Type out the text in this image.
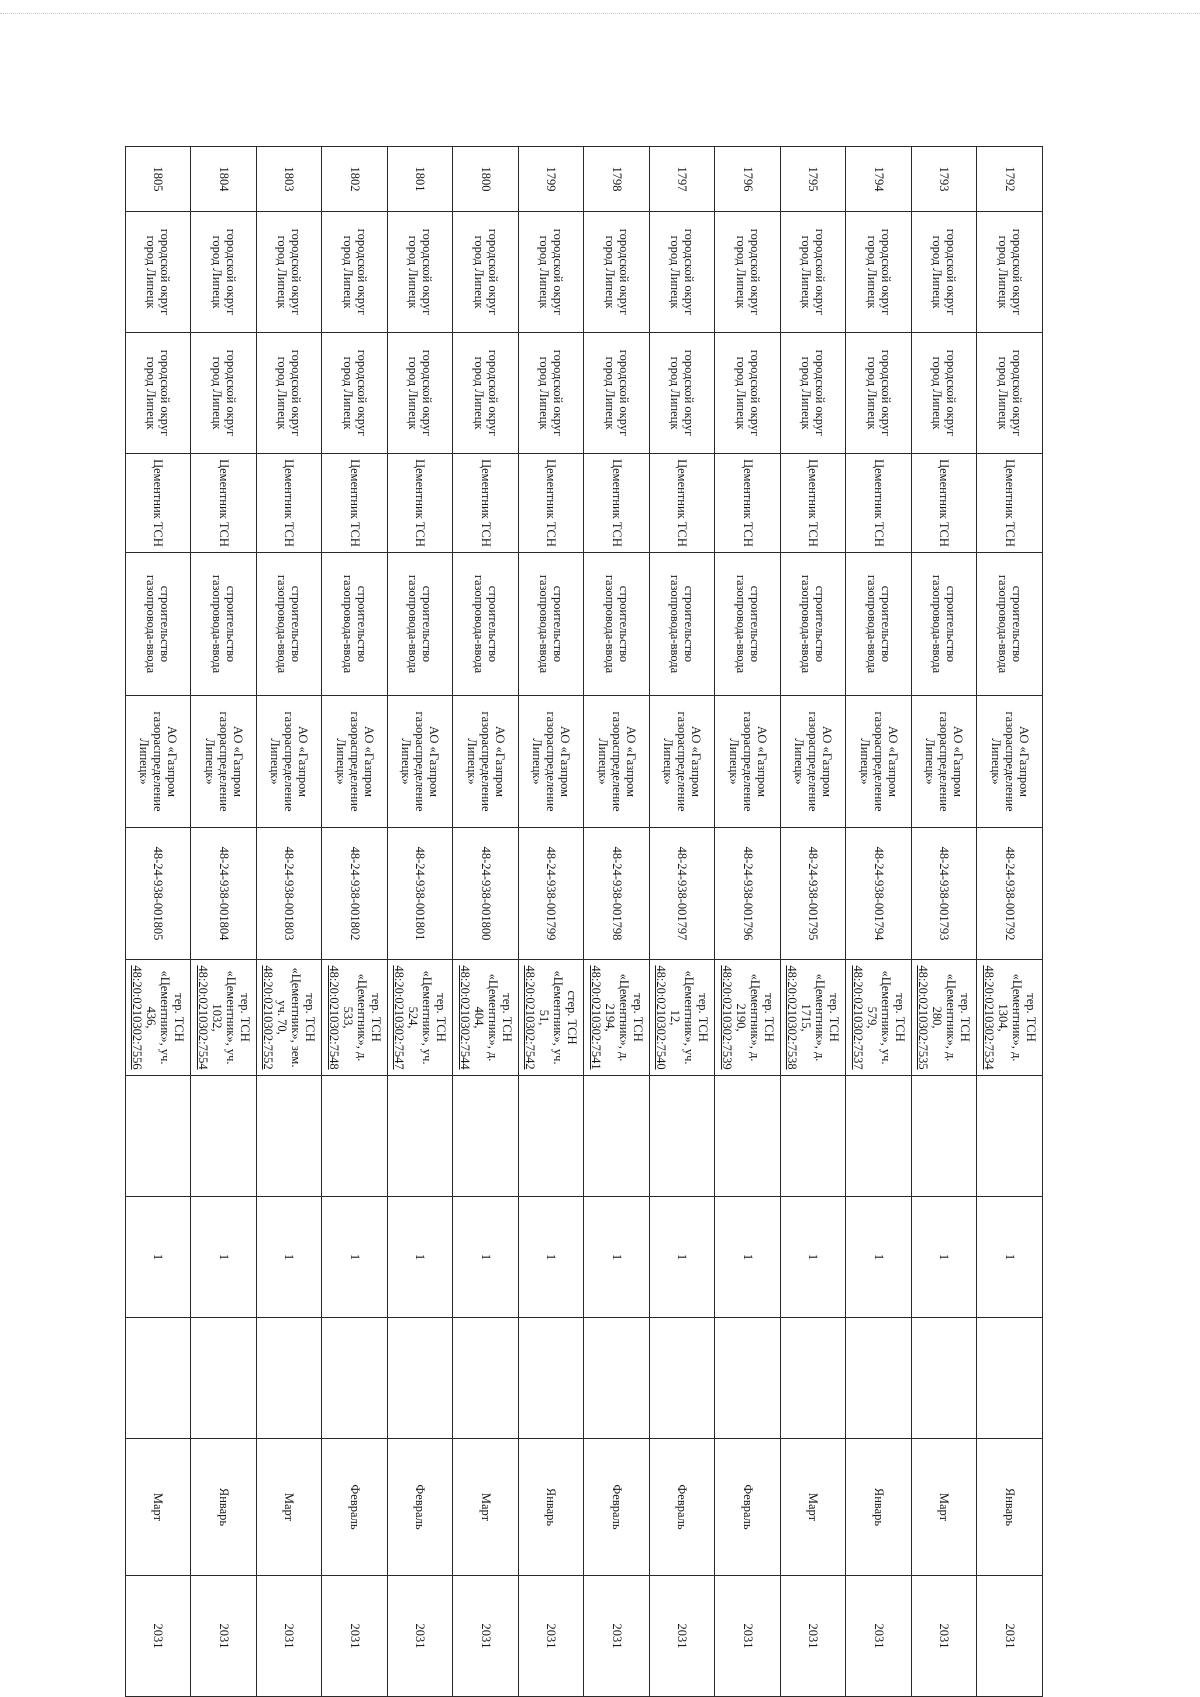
1792	городской округ город Липецк	городской округ город Липецк	Цементник ТСН	строительство газопровода-ввода	АО «Газпром газораспределение Липецк»	48-24-938-001792	тер. ТСН «Цементник», д. 1304,
48:20:0210302:7534		1		Январь	2031
1793	городской округ город Липецк	городской округ город Липецк	Цементник ТСН	строительство газопровода-ввода	АО «Газпром газораспределение Липецк»	48-24-938-001793	тер. ТСН «Цементник», д. 280,
48:20:0210302:7535		1		Март	2031
1794	городской округ город Липецк	городской округ город Липецк	Цементник ТСН	строительство газопровода-ввода	АО «Газпром газораспределение Липецк»	48-24-938-001794	тер. ТСН «Цементник», уч. 579,
48:20:0210302:7537		1		Январь	2031
1795	городской округ город Липецк	городской округ город Липецк	Цементник ТСН	строительство газопровода-ввода	АО «Газпром газораспределение Липецк»	48-24-938-001795	тер. ТСН «Цементник», д. 1715,
48:20:0210302:7538		1		Март	2031
1796	городской округ город Липецк	городской округ город Липецк	Цементник ТСН	строительство газопровода-ввода	АО «Газпром газораспределение Липецк»	48-24-938-001796	тер. ТСН «Цементник», д. 2190,
48:20:0210302:7539		1		Февраль	2031
1797	городской округ город Липецк	городской округ город Липецк	Цементник ТСН	строительство газопровода-ввода	АО «Газпром газораспределение Липецк»	48-24-938-001797	тер. ТСН «Цементник», уч. 12,
48:20:0210302:7540		1		Февраль	2031
1798	городской округ город Липецк	городской округ город Липецк	Цементник ТСН	строительство газопровода-ввода	АО «Газпром газораспределение Липецк»	48-24-938-001798	тер. ТСН «Цементник», д. 2194,
48:20:0210302:7541		1		Февраль	2031
1799	городской округ город Липецк	городской округ город Липецк	Цементник ТСН	строительство газопровода-ввода	АО «Газпром газораспределение Липецк»	48-24-938-001799	стер. ТСН «Цементник», уч. 51,
48:20:0210302:7542		1		Январь	2031
1800	городской округ город Липецк	городской округ город Липецк	Цементник ТСН	строительство газопровода-ввода	АО «Газпром газораспределение Липецк»	48-24-938-001800	тер. ТСН «Цементник», д. 404,
48:20:0210302:7544		1		Март	2031
1801	городской округ город Липецк	городской округ город Липецк	Цементник ТСН	строительство газопровода-ввода	АО «Газпром газораспределение Липецк»	48-24-938-001801	тер. ТСН «Цементник», уч. 524,
48:20:0210302:7547		1		Февраль	2031
1802	городской округ город Липецк	городской округ город Липецк	Цементник ТСН	строительство газопровода-ввода	АО «Газпром газораспределение Липецк»	48-24-938-001802	тер. ТСН «Цементник», д. 533,
48:20:0210302:7548		1		Февраль	2031
1803	городской округ город Липецк	городской округ город Липецк	Цементник ТСН	строительство газопровода-ввода	АО «Газпром газораспределение Липецк»	48-24-938-001803	тер. ТСН «Цементник», зем. уч. 70,
48:20:0210302:7552		1		Март	2031
1804	городской округ город Липецк	городской округ город Липецк	Цементник ТСН	строительство газопровода-ввода	АО «Газпром газораспределение Липецк»	48-24-938-001804	тер. ТСН «Цементник», уч. 1032,
48:20:0210302:7554		1		Январь	2031
1805	городской округ город Липецк	городской округ город Липецк	Цементник ТСН	строительство газопровода-ввода	АО «Газпром газораспределение Липецк»	48-24-938-001805	тер. ТСН «Цементник», уч. 436,
48:20:0210302:7556		1		Март	2031
